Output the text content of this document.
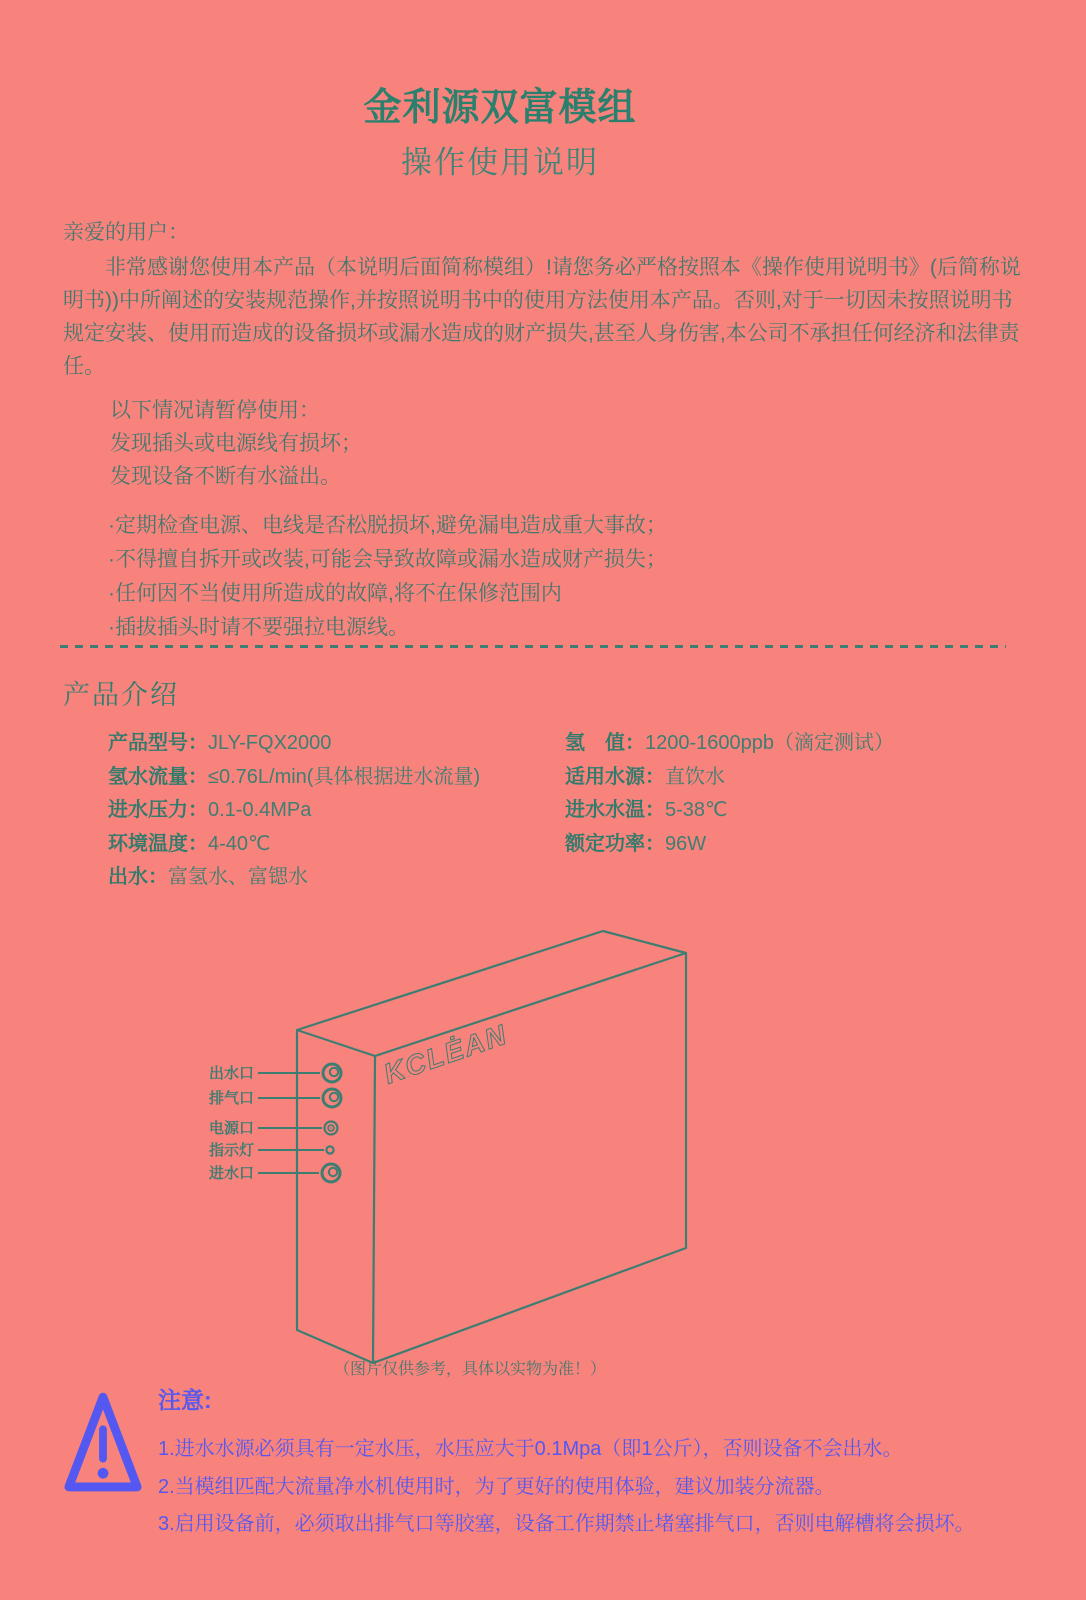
金利源双富模组
操作使用说明
亲爱的用户：
非常感谢您使用本产品（本说明后面简称模组）!请您务必严格按照本《操作使用说明书》(后简称说明书))中所阐述的安装规范操作,并按照说明书中的使用方法使用本产品。否则,对于一切因未按照说明书规定安装、使用而造成的设备损坏或漏水造成的财产损失,甚至人身伤害,本公司不承担任何经济和法律责任。
以下情况请暂停使用：
发现插头或电源线有损坏；
发现设备不断有水溢出。
·定期检查电源、电线是否松脱损坏,避免漏电造成重大事故；
·不得擅自拆开或改装,可能会导致故障或漏水造成财产损失；
·任何因不当使用所造成的故障,将不在保修范围内
·插拔插头时请不要强拉电源线。
产品介绍
产品型号：JLY-FQX2000
氢水流量：≤0.76L/min(具体根据进水流量)
进水压力：0.1-0.4MPa
环境温度：4-40℃
出水：富氢水、富锶水
氢　值：1200-1600ppb（滴定测试）
适用水源：直饮水
进水水温：5-38℃
额定功率：96W
出水口
排气口
电源口
指示灯
进水口
KCLĖAN
（图片仅供参考，具体以实物为准！）
注意:
1.进水水源必须具有一定水压，水压应大于0.1Mpa（即1公斤），否则设备不会出水。
2.当模组匹配大流量净水机使用时，为了更好的使用体验，建议加装分流器。
3.启用设备前，必须取出排气口等胶塞，设备工作期禁止堵塞排气口，否则电解槽将会损坏。
